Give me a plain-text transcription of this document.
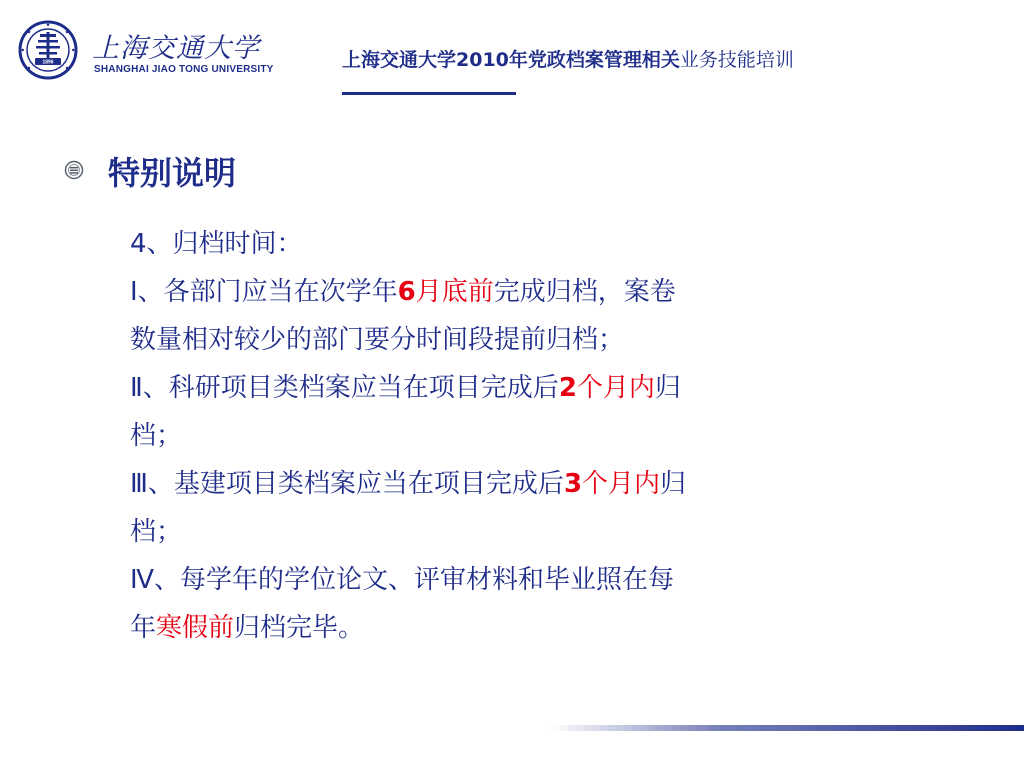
1896 上海交通大学
SHANGHAI JIAO TONG UNIVERSITY	上海交通大学2010年党政档案管理相关业务技能培训
特别说明
4、归档时间：
Ⅰ、各部门应当在次学年6月底前完成归档，案卷
数量相对较少的部门要分时间段提前归档；
Ⅱ、科研项目类档案应当在项目完成后2个月内归
档；
Ⅲ、基建项目类档案应当在项目完成后3个月内归
档；
Ⅳ、每学年的学位论文、评审材料和毕业照在每
年寒假前归档完毕。
